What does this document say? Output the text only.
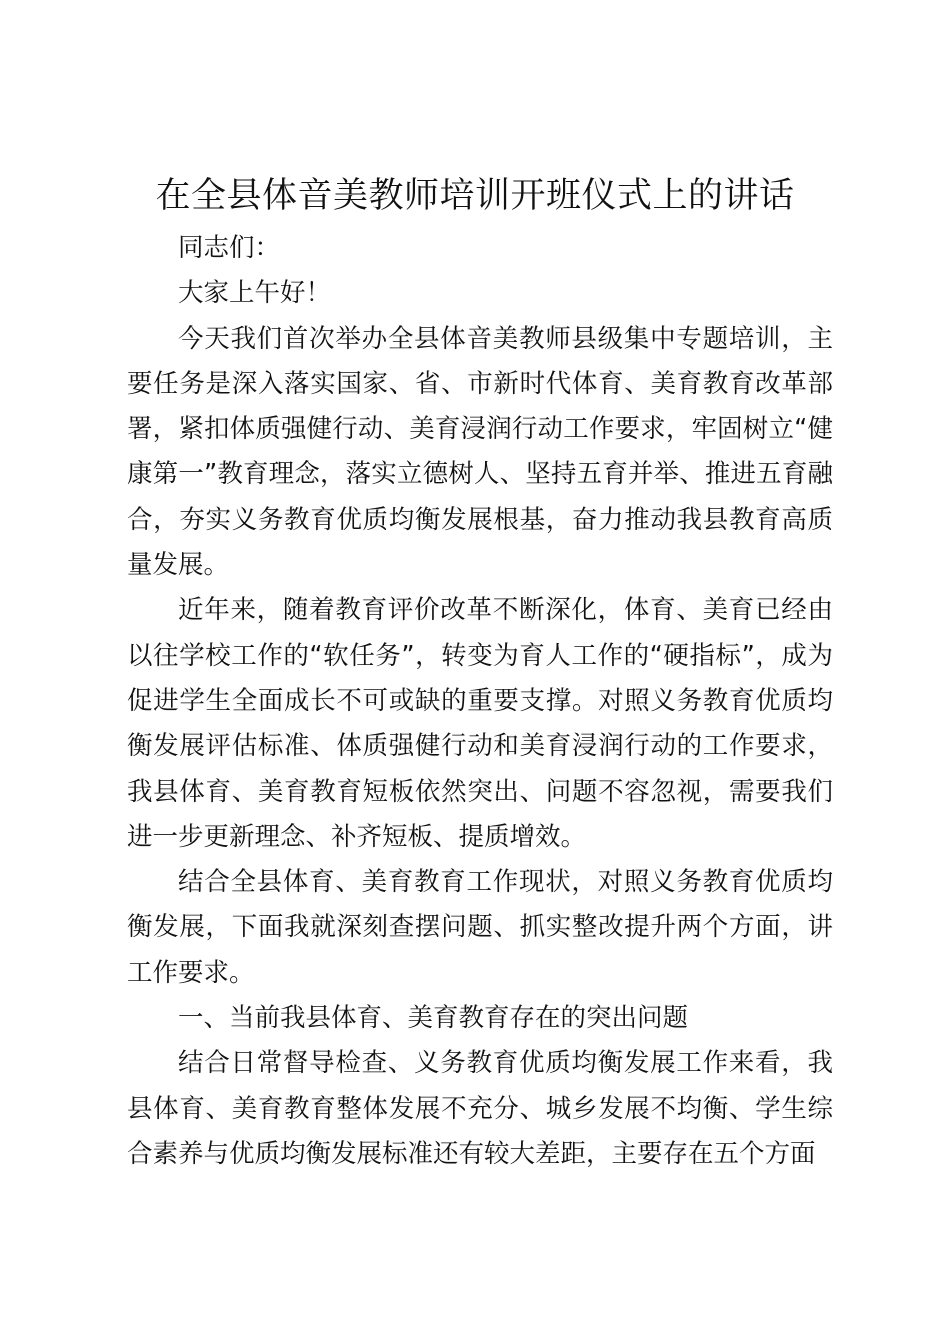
在全县体音美教师培训开班仪式上的讲话

同志们：

大家上午好！

今天我们首次举办全县体音美教师县级集中专题培训，主要任务是深入落实国家、省、市新时代体育、美育教育改革部署，紧扣体质强健行动、美育浸润行动工作要求，牢固树立“健康第一”教育理念，落实立德树人、坚持五育并举、推进五育融合，夯实义务教育优质均衡发展根基，奋力推动我县教育高质量发展。

近年来，随着教育评价改革不断深化，体育、美育已经由以往学校工作的“软任务”，转变为育人工作的“硬指标”，成为促进学生全面成长不可或缺的重要支撑。对照义务教育优质均衡发展评估标准、体质强健行动和美育浸润行动的工作要求，我县体育、美育教育短板依然突出、问题不容忽视，需要我们进一步更新理念、补齐短板、提质增效。

结合全县体育、美育教育工作现状，对照义务教育优质均衡发展，下面我就深刻查摆问题、抓实整改提升两个方面，讲工作要求。

一、当前我县体育、美育教育存在的突出问题

结合日常督导检查、义务教育优质均衡发展工作来看，我县体育、美育教育整体发展不充分、城乡发展不均衡、学生综合素养与优质均衡发展标准还有较大差距，主要存在五个方面
